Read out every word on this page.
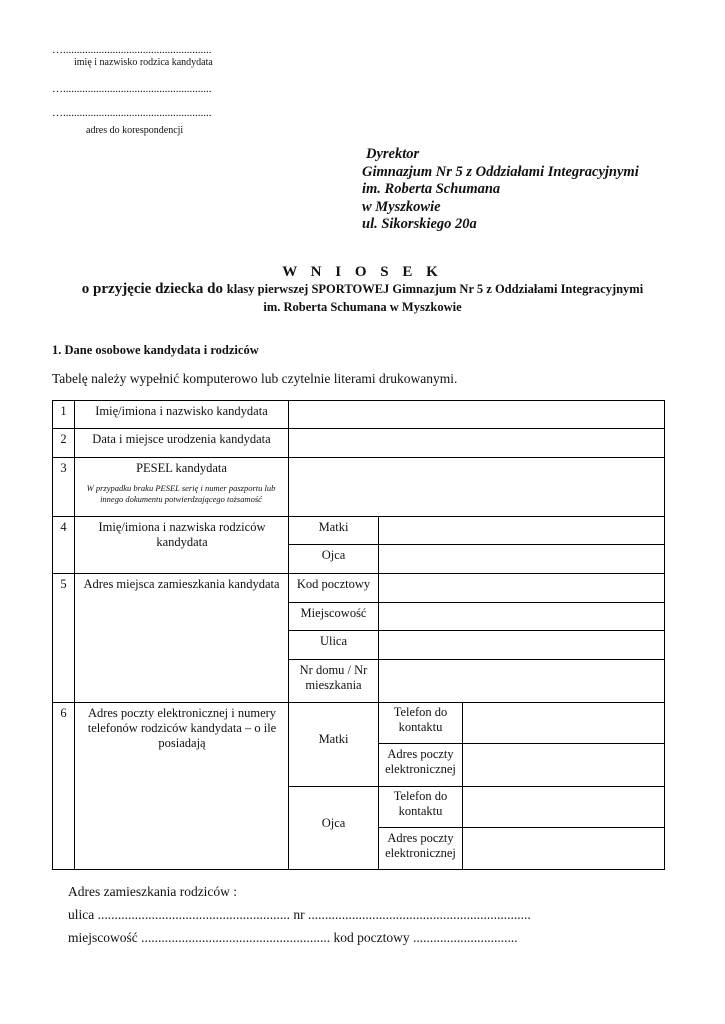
…......................................................
imię i nazwisko rodzica kandydata
…......................................................
…......................................................
adres do korespondencji
Dyrektor
Gimnazjum Nr 5 z Oddziałami Integracyjnymi
im. Roberta Schumana
w Myszkowie
ul. Sikorskiego 20a
W N I O S E K
o przyjęcie dziecka do klasy pierwszej SPORTOWEJ Gimnazjum Nr 5 z Oddziałami Integracyjnymi
im. Roberta Schumana w Myszkowie
1. Dane osobowe kandydata i rodziców
Tabelę należy wypełnić komputerowo lub czytelnie literami drukowanymi.
1	Imię/imiona i nazwisko kandydata
2	Data i miejsce urodzenia kandydata
3	PESEL kandydata
W przypadku braku PESEL serię i numer paszportu lub innego dokumentu potwierdzającego tożsamość
4	Imię/imiona i nazwiska rodziców kandydata
Matki
Ojca
5	Adres miejsca zamieszkania kandydata	Kod pocztowy
Miejscowość
Ulica
Nr domu / Nr mieszkania
6	Adres poczty elektronicznej i numery telefonów rodziców kandydata – o ile posiadają	Matki
Telefon do kontaktu
Adres poczty elektronicznej
Ojca
Telefon do kontaktu
Adres poczty elektronicznej
Adres zamieszkania rodziców :
ulica ......................................................... nr ..................................................................
miejscowość ........................................................ kod pocztowy ...............................
